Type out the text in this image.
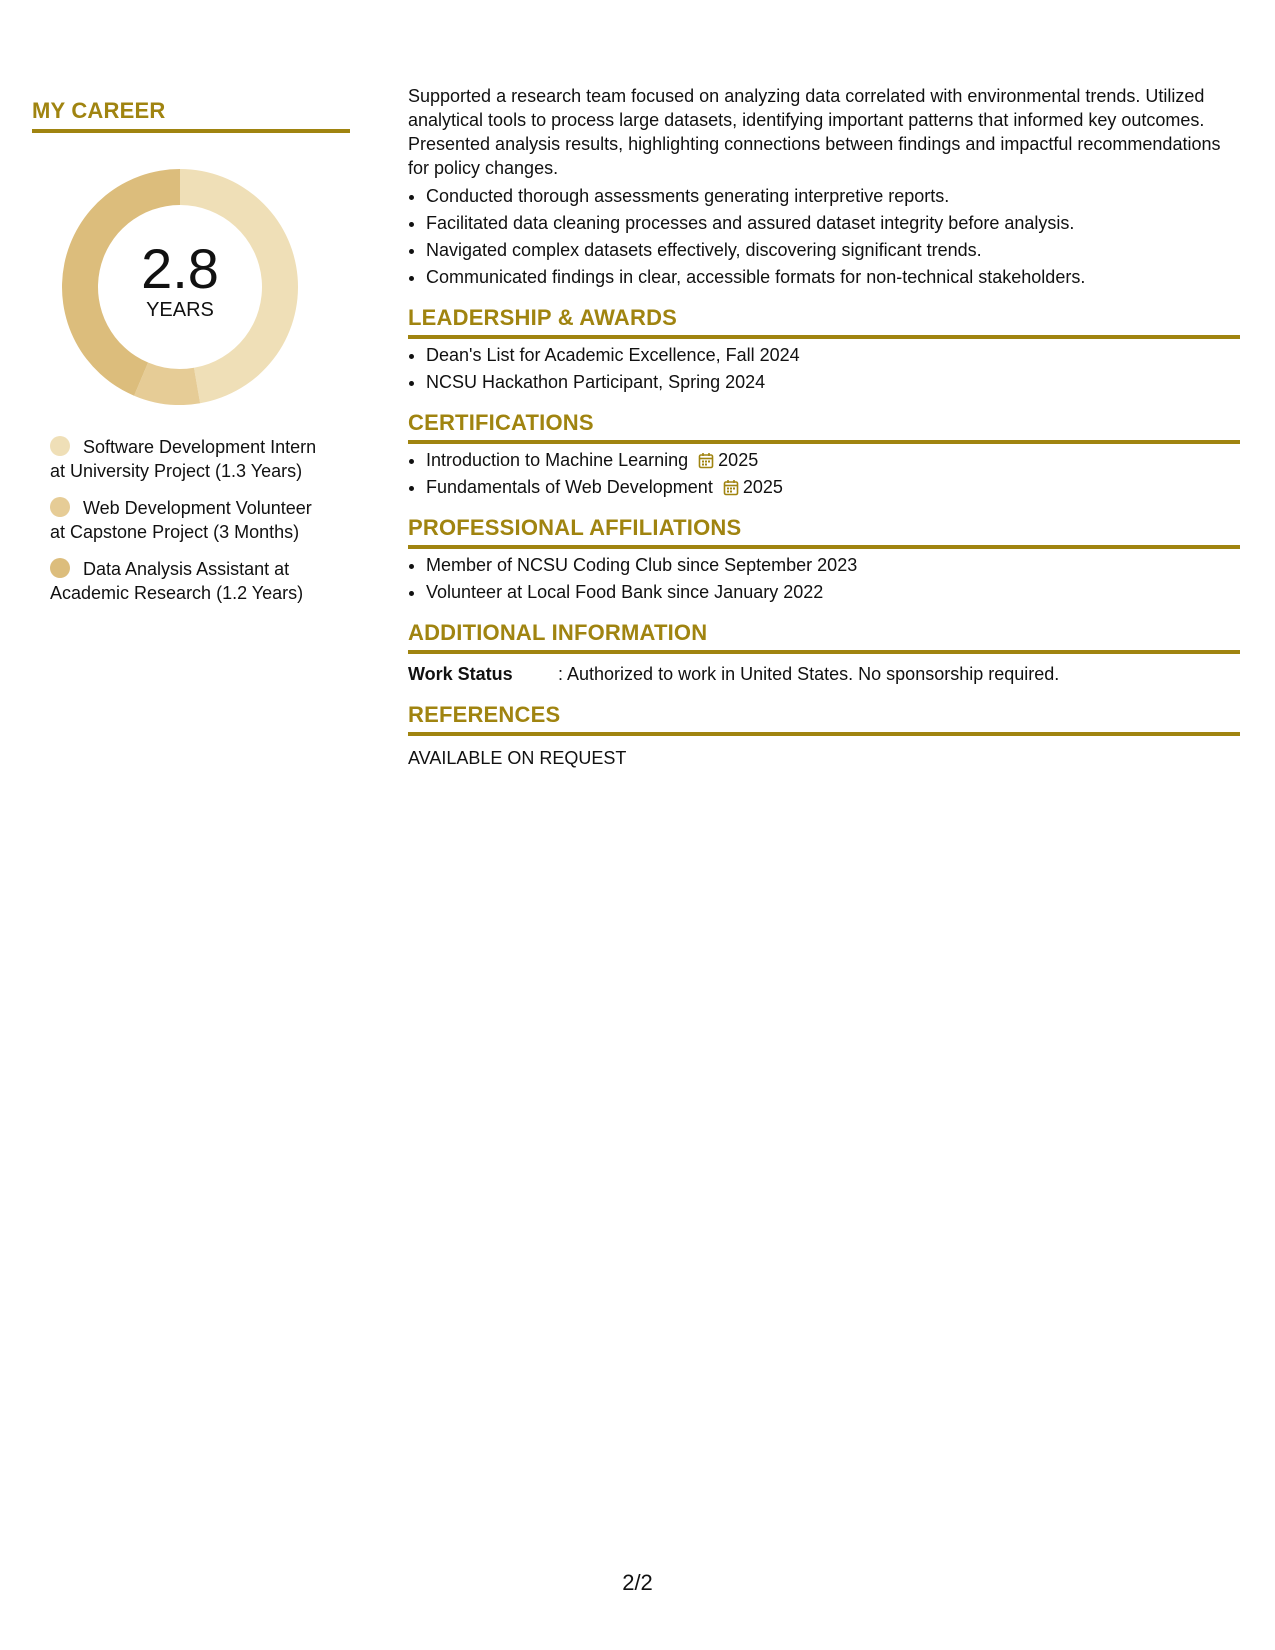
MY CAREER
2.8
YEARS
Software Development Intern at University Project (1.3 Years)
Web Development Volunteer at Capstone Project (3 Months)
Data Analysis Assistant at Academic Research (1.2 Years)

Supported a research team focused on analyzing data correlated with environmental trends. Utilized analytical tools to process large datasets, identifying important patterns that informed key outcomes. Presented analysis results, highlighting connections between findings and impactful recommendations for policy changes.

• Conducted thorough assessments generating interpretive reports.
• Facilitated data cleaning processes and assured dataset integrity before analysis.
• Navigated complex datasets effectively, discovering significant trends.
• Communicated findings in clear, accessible formats for non-technical stakeholders.
LEADERSHIP & AWARDS
• Dean's List for Academic Excellence, Fall 2024
• NCSU Hackathon Participant, Spring 2024
CERTIFICATIONS
• Introduction to Machine Learning 2025
• Fundamentals of Web Development 2025
PROFESSIONAL AFFILIATIONS
• Member of NCSU Coding Club since September 2023
• Volunteer at Local Food Bank since January 2022
ADDITIONAL INFORMATION
Work Status	: Authorized to work in United States. No sponsorship required.
REFERENCES
AVAILABLE ON REQUEST
2/2
